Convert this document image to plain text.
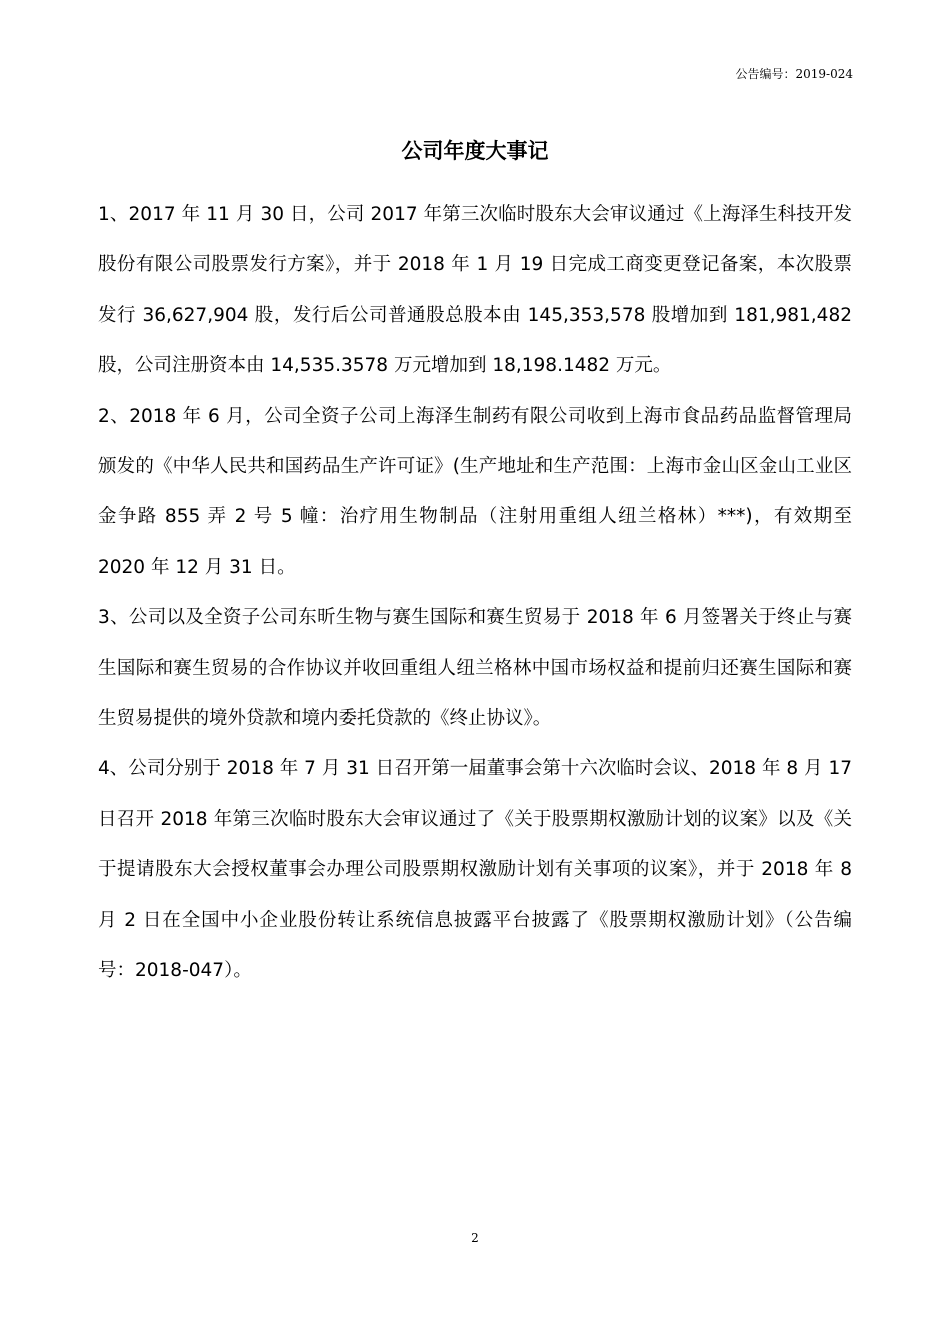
公告编号：2019-024
公司年度大事记

1、2017 年 11 月 30 日，公司 2017 年第三次临时股东大会审议通过《上海泽生科技开发股份有限公司股票发行方案》，并于 2018 年 1 月 19 日完成工商变更登记备案，本次股票发行 36,627,904 股，发行后公司普通股总股本由 145,353,578 股增加到 181,981,482 股，公司注册资本由 14,535.3578 万元增加到 18,198.1482 万元。

2、2018 年 6 月，公司全资子公司上海泽生制药有限公司收到上海市食品药品监督管理局颁发的《中华人民共和国药品生产许可证》(生产地址和生产范围：上海市金山区金山工业区金争路 855 弄 2 号 5 幢：治疗用生物制品（注射用重组人纽兰格林）***)，有效期至 2020 年 12 月 31 日。

3、公司以及全资子公司东昕生物与赛生国际和赛生贸易于 2018 年 6 月签署关于终止与赛生国际和赛生贸易的合作协议并收回重组人纽兰格林中国市场权益和提前归还赛生国际和赛生贸易提供的境外贷款和境内委托贷款的《终止协议》。

4、公司分别于 2018 年 7 月 31 日召开第一届董事会第十六次临时会议、2018 年 8 月 17 日召开 2018 年第三次临时股东大会审议通过了《关于股票期权激励计划的议案》以及《关于提请股东大会授权董事会办理公司股票期权激励计划有关事项的议案》，并于 2018 年 8 月 2 日在全国中小企业股份转让系统信息披露平台披露了《股票期权激励计划》（公告编号：2018-047）。

2
